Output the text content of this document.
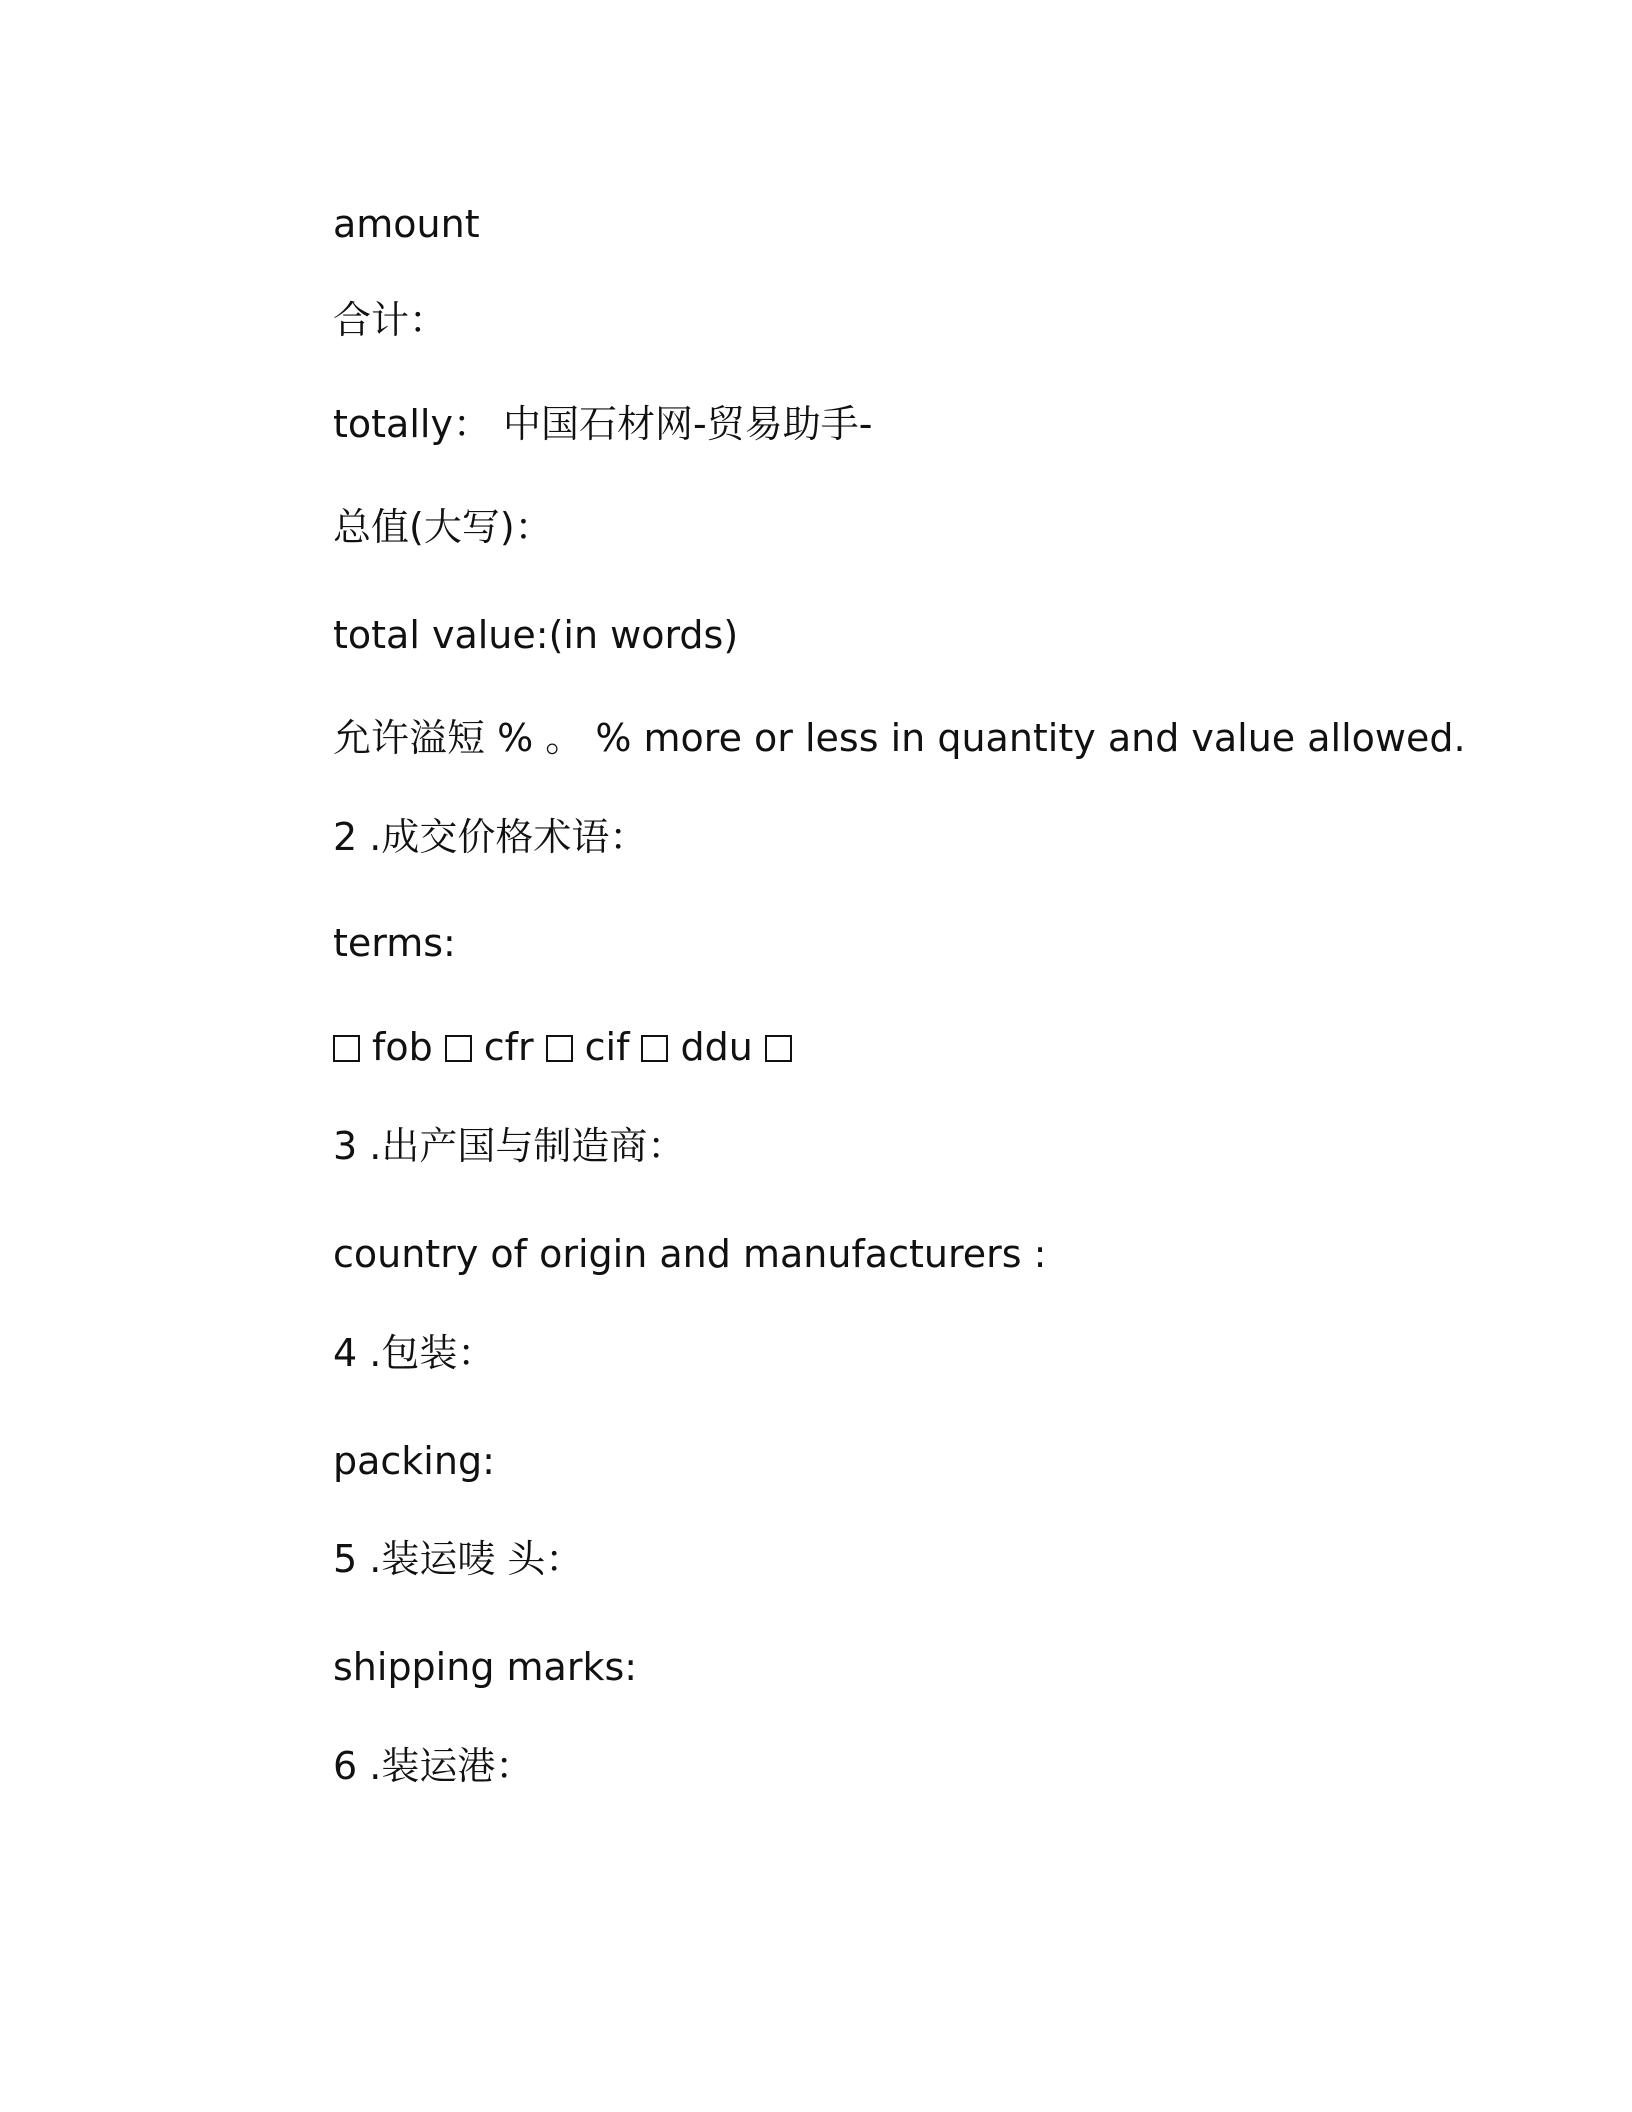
amount
合计：
totally： 中国石材网-贸易助手-
总值(大写)：
total value:(in words)
允许溢短 % 。 % more or less in quantity and value allowed.
2 .成交价格术语：
terms:
fob cfr cif ddu
3 .出产国与制造商：
country of origin and manufacturers :
4 .包装：
packing:
5 .装运唛 头：
shipping marks:
6 .装运港：
